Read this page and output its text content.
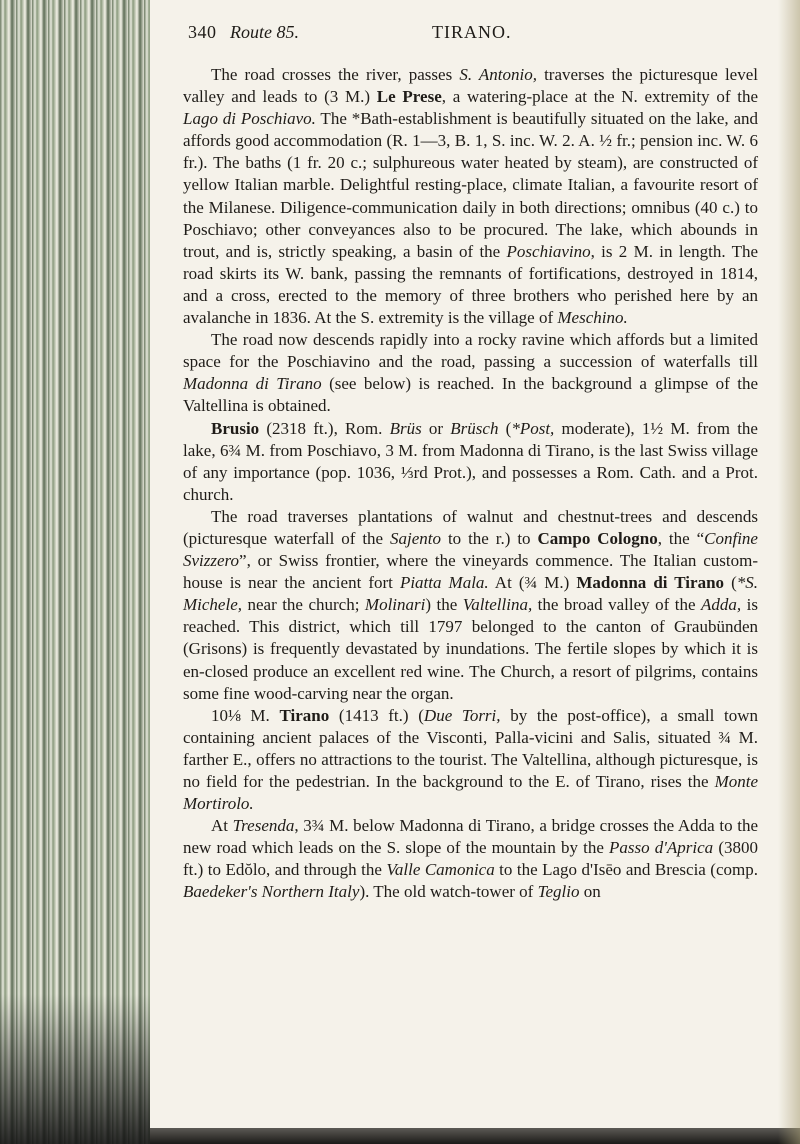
340 Route 85.	TIRANO.

The road crosses the river, passes S. Antonio, traverses the picturesque level valley and leads to (3 M.) Le Prese, a watering-place at the N. extremity of the Lago di Poschiavo. The *Bath-establishment is beautifully situated on the lake, and affords good accommodation (R. 1—3, B. 1, S. inc. W. 2. A. ½ fr.; pension inc. W. 6 fr.). The baths (1 fr. 20 c.; sulphureous water heated by steam), are constructed of yellow Italian marble. Delightful resting-place, climate Italian, a favourite resort of the Milanese. Diligence-communication daily in both directions; omnibus (40 c.) to Poschiavo; other conveyances also to be procured. The lake, which abounds in trout, and is, strictly speaking, a basin of the Poschiavino, is 2 M. in length. The road skirts its W. bank, passing the remnants of fortifications, destroyed in 1814, and a cross, erected to the memory of three brothers who perished here by an avalanche in 1836. At the S. extremity is the village of Meschino.

The road now descends rapidly into a rocky ravine which affords but a limited space for the Poschiavino and the road, passing a succession of waterfalls till Madonna di Tirano (see below) is reached. In the background a glimpse of the Valtellina is obtained.

Brusio (2318 ft.), Rom. Brüs or Brüsch (*Post, moderate), 1½ M. from the lake, 6¾ M. from Poschiavo, 3 M. from Madonna di Tirano, is the last Swiss village of any importance (pop. 1036, ⅓rd Prot.), and possesses a Rom. Cath. and a Prot. church.

The road traverses plantations of walnut and chestnut-trees and descends (picturesque waterfall of the Sajento to the r.) to Campo Cologno, the “Confine Svizzero”, or Swiss frontier, where the vineyards commence. The Italian custom-house is near the ancient fort Piatta Mala. At (¾ M.) Madonna di Tirano (*S. Michele, near the church; Molinari) the Valtellina, the broad valley of the Adda, is reached. This district, which till 1797 belonged to the canton of Graubünden (Grisons) is frequently devastated by inundations. The fertile slopes by which it is en-closed produce an excellent red wine. The Church, a resort of pilgrims, contains some fine wood-carving near the organ.

10⅛ M. Tirano (1413 ft.) (Due Torri, by the post-office), a small town containing ancient palaces of the Visconti, Palla-vicini and Salis, situated ¾ M. farther E., offers no attractions to the tourist. The Valtellina, although picturesque, is no field for the pedestrian. In the background to the E. of Tirano, rises the Monte Mortirolo.

At Tresenda, 3¾ M. below Madonna di Tirano, a bridge crosses the Adda to the new road which leads on the S. slope of the mountain by the Passo d'Aprica (3800 ft.) to Edŏlo, and through the Valle Camonica to the Lago d'Isēo and Brescia (comp. Baedeker's Northern Italy). The old watch-tower of Teglio on
